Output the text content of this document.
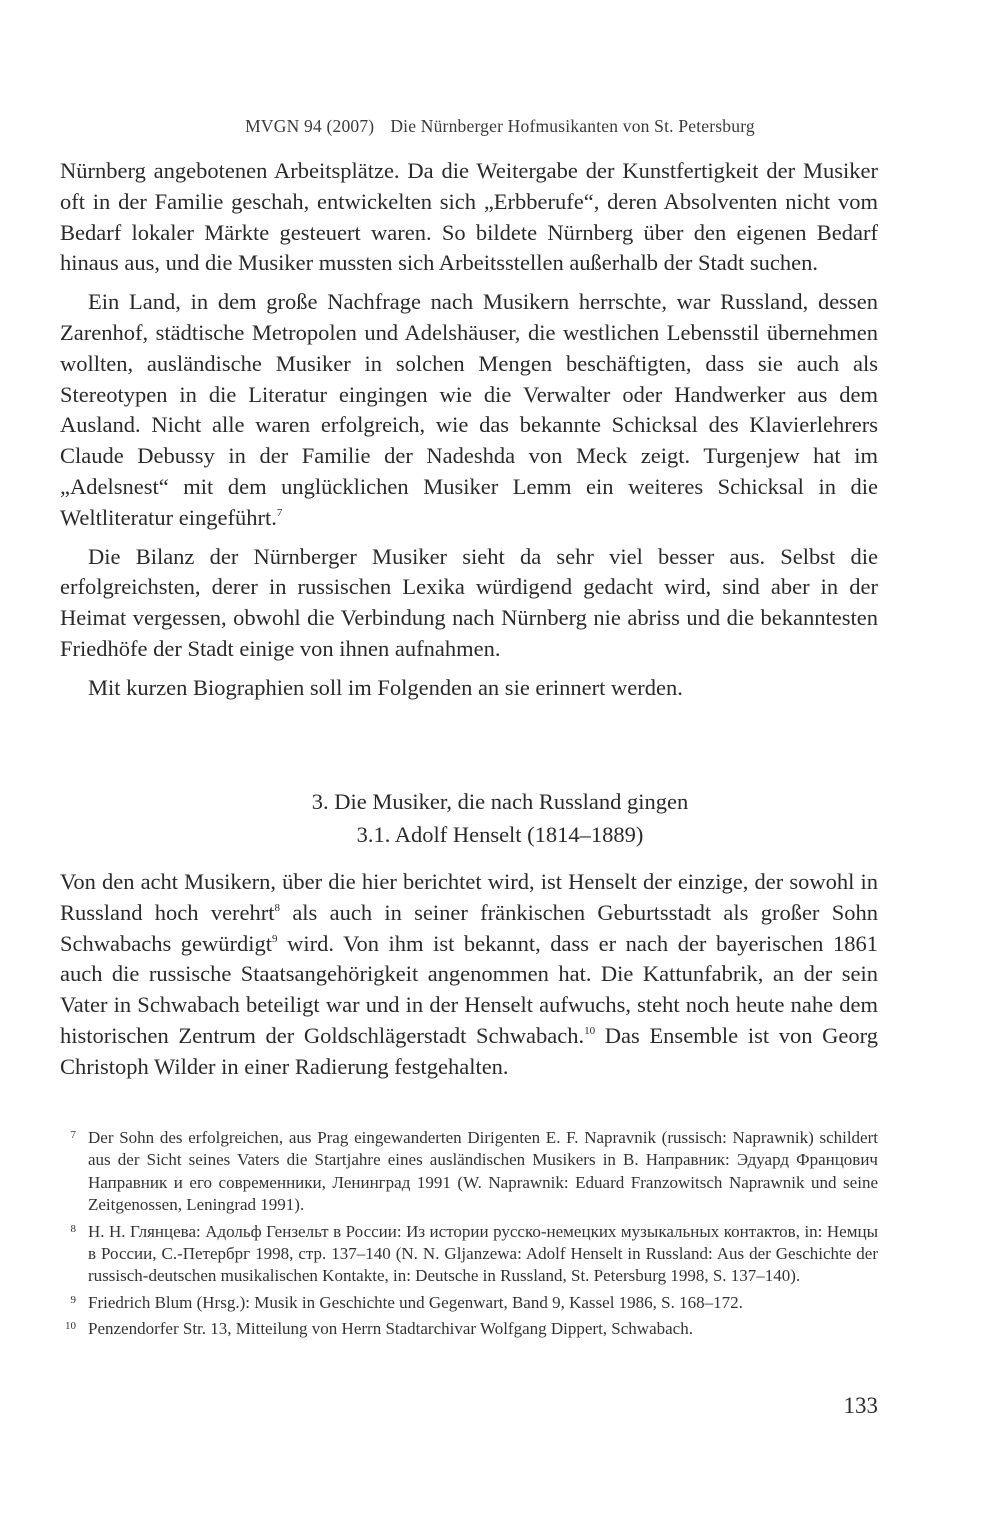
MVGN 94 (2007) Die Nürnberger Hofmusikanten von St. Petersburg

Nürnberg angebotenen Arbeitsplätze. Da die Weitergabe der Kunstfertigkeit der Musiker oft in der Familie geschah, entwickelten sich „Erbberufe“, deren Absolventen nicht vom Bedarf lokaler Märkte gesteuert waren. So bildete Nürnberg über den eigenen Bedarf hinaus aus, und die Musiker mussten sich Arbeitsstellen außerhalb der Stadt suchen.

Ein Land, in dem große Nachfrage nach Musikern herrschte, war Russland, dessen Zarenhof, städtische Metropolen und Adelshäuser, die westlichen Lebensstil übernehmen wollten, ausländische Musiker in solchen Mengen beschäftigten, dass sie auch als Stereotypen in die Literatur eingingen wie die Verwalter oder Handwerker aus dem Ausland. Nicht alle waren erfolgreich, wie das bekannte Schicksal des Klavierlehrers Claude Debussy in der Familie der Nadeshda von Meck zeigt. Turgenjew hat im „Adelsnest“ mit dem unglücklichen Musiker Lemm ein weiteres Schicksal in die Weltliteratur eingeführt.$^7$

Die Bilanz der Nürnberger Musiker sieht da sehr viel besser aus. Selbst die erfolgreichsten, derer in russischen Lexika würdigend gedacht wird, sind aber in der Heimat vergessen, obwohl die Verbindung nach Nürnberg nie abriss und die bekanntesten Friedhöfe der Stadt einige von ihnen aufnahmen.

Mit kurzen Biographien soll im Folgenden an sie erinnert werden.

3. Die Musiker, die nach Russland gingen
3.1. Adolf Henselt (1814–1889)

Von den acht Musikern, über die hier berichtet wird, ist Henselt der einzige, der sowohl in Russland hoch verehrt$^8$ als auch in seiner fränkischen Geburtsstadt als großer Sohn Schwabachs gewürdigt$^9$ wird. Von ihm ist bekannt, dass er nach der bayerischen 1861 auch die russische Staatsangehörigkeit angenommen hat. Die Kattunfabrik, an der sein Vater in Schwabach beteiligt war und in der Henselt aufwuchs, steht noch heute nahe dem historischen Zentrum der Goldschlägerstadt Schwabach.$^{10}$ Das Ensemble ist von Georg Christoph Wilder in einer Radierung festgehalten.

7 Der Sohn des erfolgreichen, aus Prag eingewanderten Dirigenten E. F. Napravnik (russisch: Naprawnik) schildert aus der Sicht seines Vaters die Startjahre eines ausländischen Musikers in В. Направник: Эдуард Францович Направник и его современники, Ленинград 1991 (W. Naprawnik: Eduard Franzowitsch Naprawnik und seine Zeitgenossen, Leningrad 1991).
8 Н. Н. Глянцева: Адольф Гензельт в России: Из истории русско-немецких музыкальных контактов, in: Немцы в России, С.-Петербрг 1998, стр. 137–140 (N. N. Gljanzewa: Adolf Henselt in Russland: Aus der Geschichte der russisch-deutschen musikalischen Kontakte, in: Deutsche in Russland, St. Petersburg 1998, S. 137–140).
9 Friedrich Blum (Hrsg.): Musik in Geschichte und Gegenwart, Band 9, Kassel 1986, S. 168–172.
10 Penzendorfer Str. 13, Mitteilung von Herrn Stadtarchivar Wolfgang Dippert, Schwabach.
133
